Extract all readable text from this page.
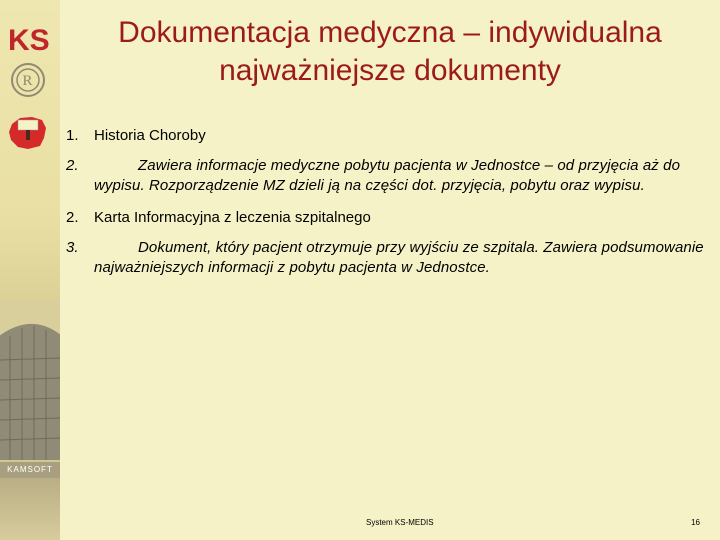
KS
R
KAMSOFT
Dokumentacja medyczna – indywidualna
najważniejsze dokumenty
1. Historia Choroby
2.	Zawiera informacje medyczne pobytu pacjenta w Jednostce – od przyjęcia aż do wypisu. Rozporządzenie MZ dzieli ją na części dot. przyjęcia, pobytu oraz wypisu.
2. Karta Informacyjna z leczenia szpitalnego
3.	Dokument, który pacjent otrzymuje przy wyjściu ze szpitala. Zawiera podsumowanie najważniejszych informacji z pobytu pacjenta w Jednostce.
System KS-MEDIS	16
